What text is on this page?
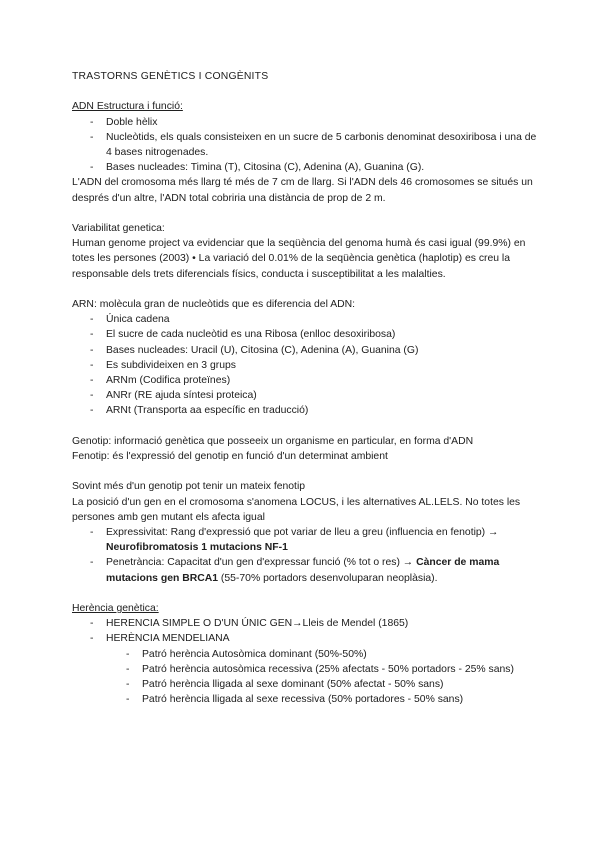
TRASTORNS GENÈTICS I CONGÈNITS

ADN Estructura i funció:

- Doble hèlix
- Nucleòtids, els quals consisteixen en un sucre de 5 carbonis denominat desoxiribosa i una de 4 bases nitrogenades.
- Bases nucleades: Timina (T), Citosina (C), Adenina (A), Guanina (G).

L'ADN del cromosoma més llarg té més de 7 cm de llarg. Si l'ADN dels 46 cromosomes se situés un després d'un altre, l'ADN total cobriria una distància de prop de 2 m.

Variabilitat genetica:

Human genome project va evidenciar que la seqüència del genoma humà és casi igual (99.9%) en totes les persones (2003) • La variació del 0.01% de la seqüència genètica (haplotip) es creu la responsable dels trets diferencials físics, conducta i susceptibilitat a les malalties.

ARN: molècula gran de nucleòtids que es diferencia del ADN:

- Única cadena
- El sucre de cada nucleòtid es una Ribosa (enlloc desoxiribosa)
- Bases nucleades: Uracil (U), Citosina (C), Adenina (A), Guanina (G)
- Es subdivideixen en 3 grups
- ARNm (Codifica proteïnes)
- ANRr (RE ajuda síntesi proteica)
- ARNt (Transporta aa específic en traducció)

Genotip: informació genètica que posseeix un organisme en particular, en forma d'ADN

Fenotip: és l'expressió del genotip en funció d'un determinat ambient

Sovint més d'un genotip pot tenir un mateix fenotip

La posició d'un gen en el cromosoma s'anomena LOCUS, i les alternatives AL.LELS. No totes les persones amb gen mutant els afecta igual

- Expressivitat: Rang d'expressió que pot variar de lleu a greu (influencia en fenotip) → Neurofibromatosis 1 mutacions NF-1
- Penetrància: Capacitat d'un gen d'expressar funció (% tot o res) → Càncer de mama mutacions gen BRCA1 (55-70% portadors desenvoluparan neoplàsia).

Herència genètica:

- HERENCIA SIMPLE O D'UN ÚNIC GEN→Lleis de Mendel (1865)
- HERÈNCIA MENDELIANA
- Patró herència Autosòmica dominant (50%-50%)
- Patró herència autosòmica recessiva (25% afectats - 50% portadors - 25% sans)
- Patró herència lligada al sexe dominant (50% afectat - 50% sans)
- Patró herència lligada al sexe recessiva (50% portadores - 50% sans)
